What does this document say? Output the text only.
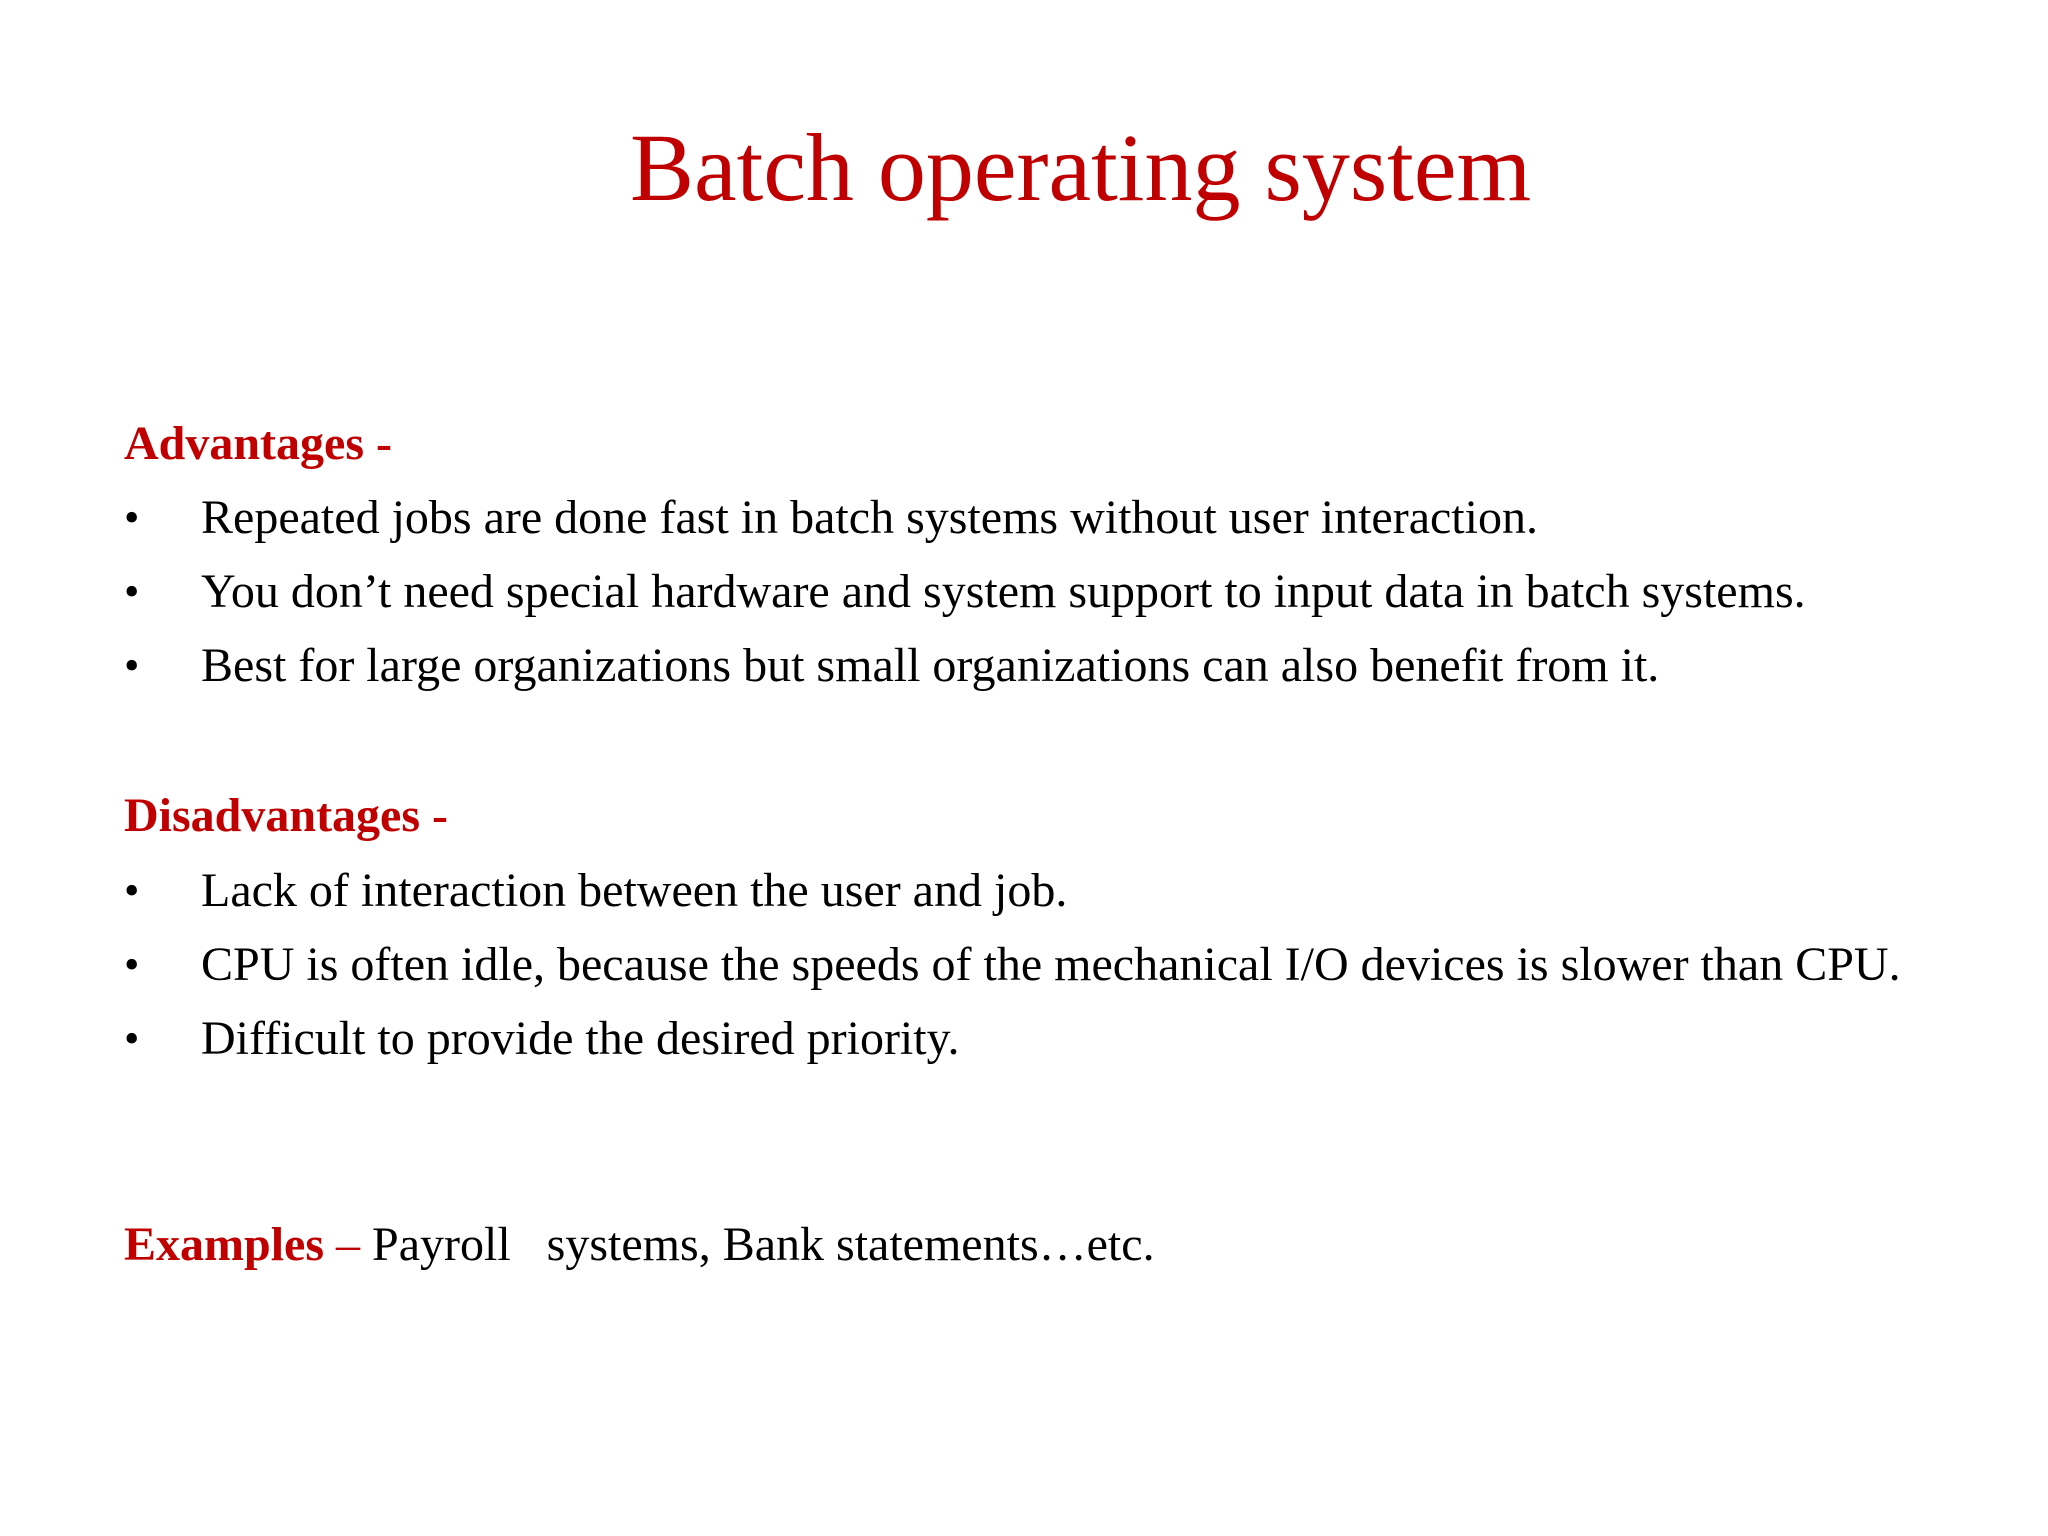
Batch operating system
Advantages -
•	Repeated jobs are done fast in batch systems without user interaction.
•	You don’t need special hardware and system support to input data in batch systems.
•	Best for large organizations but small organizations can also benefit from it.
Disadvantages -
•	Lack of interaction between the user and job.
•	CPU is often idle, because the speeds of the mechanical I/O devices is slower than CPU.
•	Difficult to provide the desired priority.
Examples – Payroll   systems, Bank statements…etc.
